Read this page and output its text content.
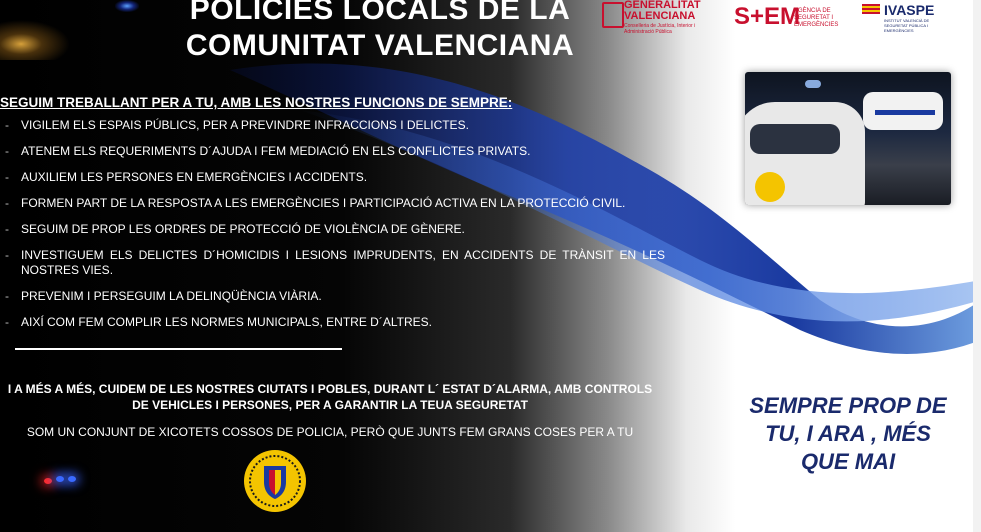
POLICIES LOCALS DE LA
COMUNITAT VALENCIANA
GENERALITAT
VALENCIANA
Conselleria de Justícia, Interior i Administració Pública
S+EM
AGÈNCIA DE SEGURETAT I EMERGÈNCIES
IVASPE
INSTITUT VALENCIÀ DE SEGURETAT PÚBLICA I EMERGÈNCIES
SEGUIM TREBALLANT PER A TU, AMB LES NOSTRES FUNCIONS DE SEMPRE:
- VIGILEM ELS ESPAIS PÚBLICS, PER A PREVINDRE INFRACCIONS I DELICTES.
- ATENEM ELS REQUERIMENTS D´AJUDA I FEM MEDIACIÓ EN ELS CONFLICTES PRIVATS.
- AUXILIEM LES PERSONES EN EMERGÈNCIES I ACCIDENTS.
- FORMEN PART DE LA RESPOSTA A LES EMERGÈNCIES I PARTICIPACIÓ ACTIVA EN LA PROTECCIÓ CIVIL.
- SEGUIM DE PROP LES ORDRES DE PROTECCIÓ DE VIOLÈNCIA DE GÈNERE.
- INVESTIGUEM ELS DELICTES D´HOMICIDIS I LESIONS IMPRUDENTS, EN ACCIDENTS DE TRÀNSIT EN LES NOSTRES VIES.
- PREVENIM I PERSEGUIM LA DELINQÜÈNCIA VIÀRIA.
- AIXÍ COM FEM COMPLIR LES NORMES MUNICIPALS, ENTRE D´ALTRES.
I A MÉS A MÉS, CUIDEM DE LES NOSTRES CIUTATS I POBLES, DURANT L´ ESTAT D´ALARMA, AMB CONTROLS
DE VEHICLES I PERSONES, PER A GARANTIR LA TEUA SEGURETAT
SOM UN CONJUNT DE XICOTETS COSSOS DE POLICIA, PERÒ QUE JUNTS FEM GRANS COSES PER A TU
SEMPRE PROP DE
TU, I ARA , MÉS
QUE MAI
